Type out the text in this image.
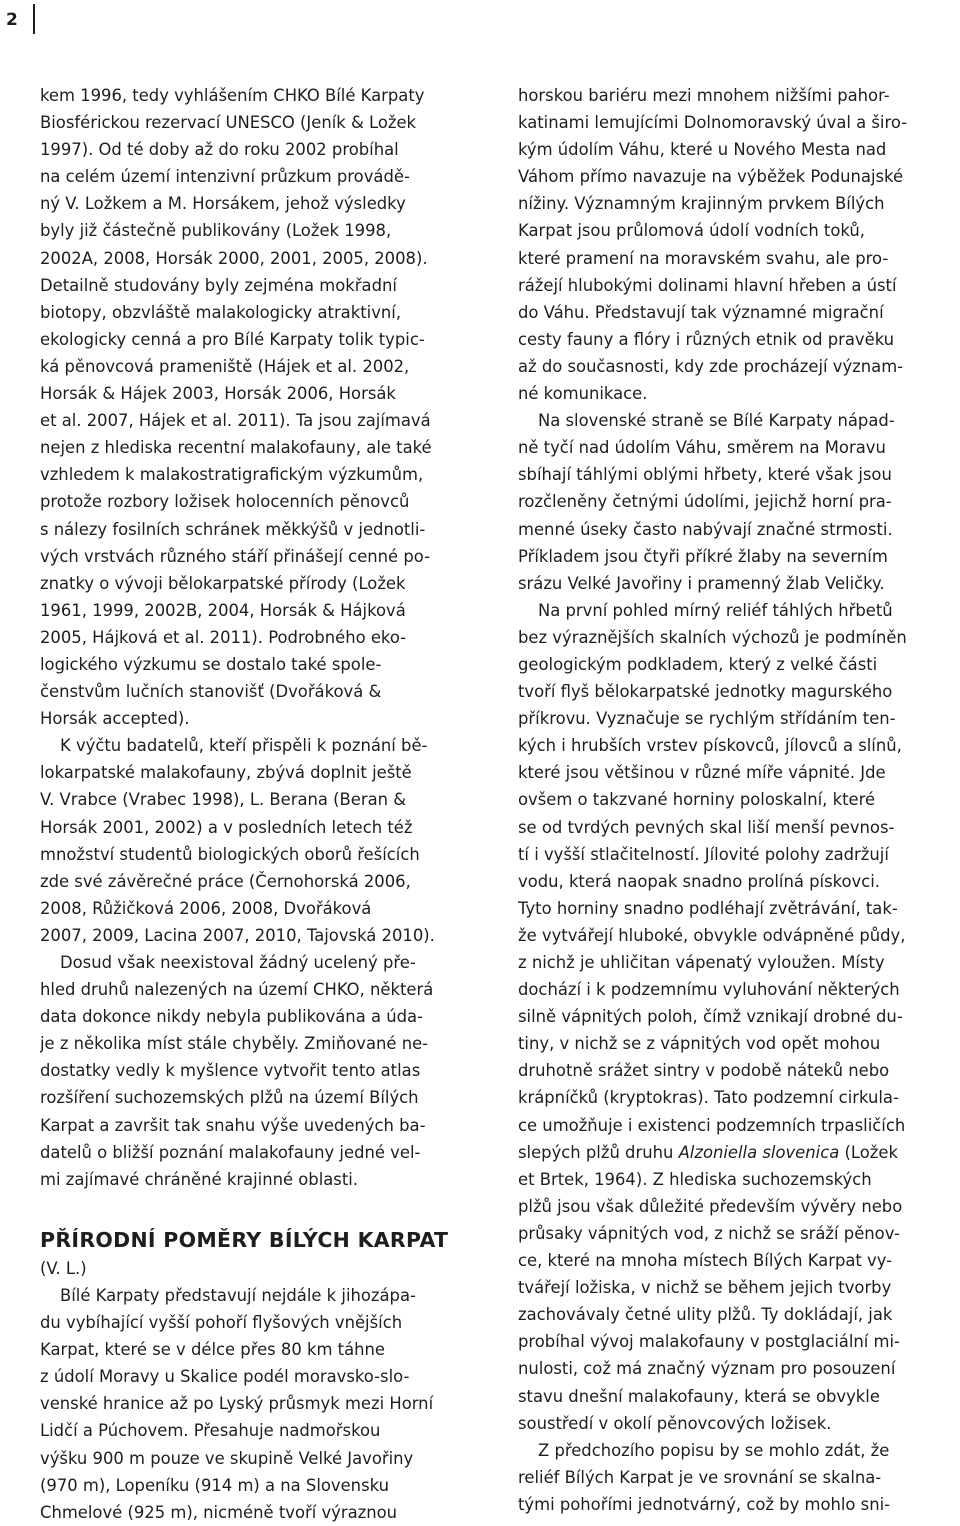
2
kem 1996, tedy vyhlášením CHKO Bílé Karpaty
Biosférickou rezervací UNESCO (Jeník & Ložek
1997). Od té doby až do roku 2002 probíhal
na celém území intenzivní průzkum provádě-
ný V. Ložkem a M. Horsákem, jehož výsledky
byly již částečně publikovány (Ložek 1998,
2002A, 2008, Horsák 2000, 2001, 2005, 2008).
Detailně studovány byly zejména mokřadní
biotopy, obzvláště malakologicky atraktivní,
ekologicky cenná a pro Bílé Karpaty tolik typic-
ká pěnovcová prameniště (Hájek et al. 2002,
Horsák & Hájek 2003, Horsák 2006, Horsák
et al. 2007, Hájek et al. 2011). Ta jsou zajímavá
nejen z hlediska recentní malakofauny, ale také
vzhledem k malakostratigrafickým výzkumům,
protože rozbory ložisek holocenních pěnovců
s nálezy fosilních schránek měkkýšů v jednotli-
vých vrstvách různého stáří přinášejí cenné po-
znatky o vývoji bělokarpatské přírody (Ložek
1961, 1999, 2002B, 2004, Horsák & Hájková
2005, Hájková et al. 2011). Podrobného eko-
logického výzkumu se dostalo také spole-
čenstvům lučních stanovišť (Dvořáková &
Horsák accepted).
K výčtu badatelů, kteří přispěli k poznání bě-
lokarpatské malakofauny, zbývá doplnit ještě
V. Vrabce (Vrabec 1998), L. Berana (Beran &
Horsák 2001, 2002) a v posledních letech též
množství studentů biologických oborů řešících
zde své závěrečné práce (Černohorská 2006,
2008, Růžičková 2006, 2008, Dvořáková
2007, 2009, Lacina 2007, 2010, Tajovská 2010).
Dosud však neexistoval žádný ucelený pře-
hled druhů nalezených na území CHKO, některá
data dokonce nikdy nebyla publikována a úda-
je z několika míst stále chyběly. Zmiňované ne-
dostatky vedly k myšlence vytvořit tento atlas
rozšíření suchozemských plžů na území Bílých
Karpat a završit tak snahu výše uvedených ba-
datelů o bližší poznání malakofauny jedné vel-
mi zajímavé chráněné krajinné oblasti.
PŘÍRODNÍ POMĚRY BÍLÝCH KARPAT
(V. L.)
Bílé Karpaty představují nejdále k jihozápa-
du vybíhající vyšší pohoří flyšových vnějších
Karpat, které se v délce přes 80 km táhne
z údolí Moravy u Skalice podél moravsko-slo-
venské hranice až po Lyský průsmyk mezi Horní
Lidčí a Púchovem. Přesahuje nadmořskou
výšku 900 m pouze ve skupině Velké Javořiny
(970 m), Lopeníku (914 m) a na Slovensku
Chmelové (925 m), nicméně tvoří výraznou
horskou bariéru mezi mnohem nižšími pahor-
katinami lemujícími Dolnomoravský úval a širo-
kým údolím Váhu, které u Nového Mesta nad
Váhom přímo navazuje na výběžek Podunajské
nížiny. Významným krajinným prvkem Bílých
Karpat jsou průlomová údolí vodních toků,
které pramení na moravském svahu, ale pro-
rážejí hlubokými dolinami hlavní hřeben a ústí
do Váhu. Představují tak významné migrační
cesty fauny a flóry i různých etnik od pravěku
až do současnosti, kdy zde procházejí význam-
né komunikace.
Na slovenské straně se Bílé Karpaty nápad-
ně tyčí nad údolím Váhu, směrem na Moravu
sbíhají táhlými oblými hřbety, které však jsou
rozčleněny četnými údolími, jejichž horní pra-
menné úseky často nabývají značné strmosti.
Příkladem jsou čtyři příkré žlaby na severním
srázu Velké Javořiny i pramenný žlab Veličky.
Na první pohled mírný reliéf táhlých hřbetů
bez výraznějších skalních výchozů je podmíněn
geologickým podkladem, který z velké části
tvoří flyš bělokarpatské jednotky magurského
příkrovu. Vyznačuje se rychlým střídáním ten-
kých i hrubších vrstev pískovců, jílovců a slínů,
které jsou většinou v různé míře vápnité. Jde
ovšem o takzvané horniny poloskalní, které
se od tvrdých pevných skal liší menší pevnos-
tí i vyšší stlačitelností. Jílovité polohy zadržují
vodu, která naopak snadno prolíná pískovci.
Tyto horniny snadno podléhají zvětrávání, tak-
že vytvářejí hluboké, obvykle odvápněné půdy,
z nichž je uhličitan vápenatý vyloužen. Místy
dochází i k podzemnímu vyluhování některých
silně vápnitých poloh, čímž vznikají drobné du-
tiny, v nichž se z vápnitých vod opět mohou
druhotně srážet sintry v podobě náteků nebo
krápníčků (kryptokras). Tato podzemní cirkula-
ce umožňuje i existenci podzemních trpasličích
slepých plžů druhu Alzoniella slovenica (Ložek
et Brtek, 1964). Z hlediska suchozemských
plžů jsou však důležité především vývěry nebo
průsaky vápnitých vod, z nichž se sráží pěnov-
ce, které na mnoha místech Bílých Karpat vy-
tvářejí ložiska, v nichž se během jejich tvorby
zachovávaly četné ulity plžů. Ty dokládají, jak
probíhal vývoj malakofauny v postglaciální mi-
nulosti, což má značný význam pro posouzení
stavu dnešní malakofauny, která se obvykle
soustředí v okolí pěnovcových ložisek.
Z předchozího popisu by se mohlo zdát, že
reliéf Bílých Karpat je ve srovnání se skalna-
tými pohořími jednotvárný, což by mohlo sni-
